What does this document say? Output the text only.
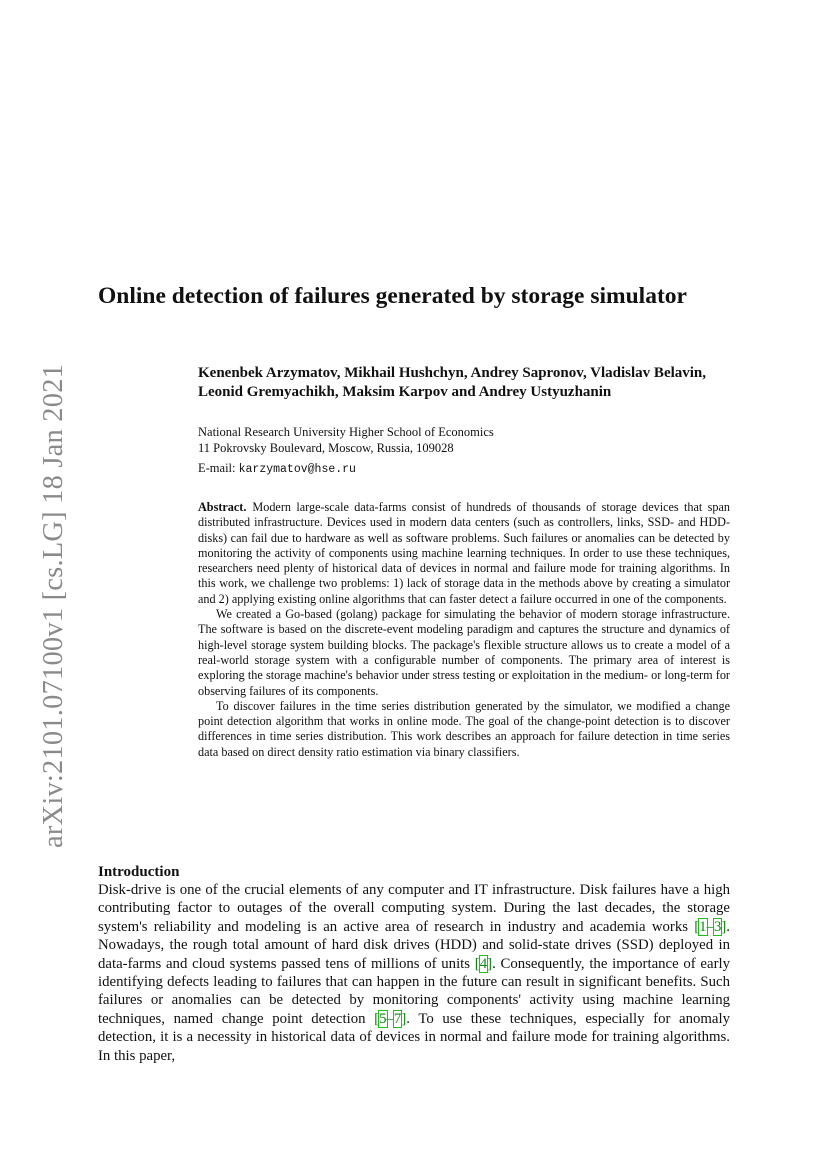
arXiv:2101.07100v1 [cs.LG] 18 Jan 2021
Online detection of failures generated by storage simulator

Kenenbek Arzymatov, Mikhail Hushchyn, Andrey Sapronov, Vladislav Belavin, Leonid Gremyachikh, Maksim Karpov and Andrey Ustyuzhanin

National Research University Higher School of Economics
11 Pokrovsky Boulevard, Moscow, Russia, 109028

E-mail: karzymatov@hse.ru

Abstract. Modern large-scale data-farms consist of hundreds of thousands of storage devices that span distributed infrastructure. Devices used in modern data centers (such as controllers, links, SSD- and HDD-disks) can fail due to hardware as well as software problems. Such failures or anomalies can be detected by monitoring the activity of components using machine learning techniques. In order to use these techniques, researchers need plenty of historical data of devices in normal and failure mode for training algorithms. In this work, we challenge two problems: 1) lack of storage data in the methods above by creating a simulator and 2) applying existing online algorithms that can faster detect a failure occurred in one of the components.

We created a Go-based (golang) package for simulating the behavior of modern storage infrastructure. The software is based on the discrete-event modeling paradigm and captures the structure and dynamics of high-level storage system building blocks. The package's flexible structure allows us to create a model of a real-world storage system with a configurable number of components. The primary area of interest is exploring the storage machine's behavior under stress testing or exploitation in the medium- or long-term for observing failures of its components.

To discover failures in the time series distribution generated by the simulator, we modified a change point detection algorithm that works in online mode. The goal of the change-point detection is to discover differences in time series distribution. This work describes an approach for failure detection in time series data based on direct density ratio estimation via binary classifiers.

Introduction

Disk-drive is one of the crucial elements of any computer and IT infrastructure. Disk failures have a high contributing factor to outages of the overall computing system. During the last decades, the storage system's reliability and modeling is an active area of research in industry and academia works [1–3]. Nowadays, the rough total amount of hard disk drives (HDD) and solid-state drives (SSD) deployed in data-farms and cloud systems passed tens of millions of units [4]. Consequently, the importance of early identifying defects leading to failures that can happen in the future can result in significant benefits. Such failures or anomalies can be detected by monitoring components' activity using machine learning techniques, named change point detection [5–7]. To use these techniques, especially for anomaly detection, it is a necessity in historical data of devices in normal and failure mode for training algorithms. In this paper,
